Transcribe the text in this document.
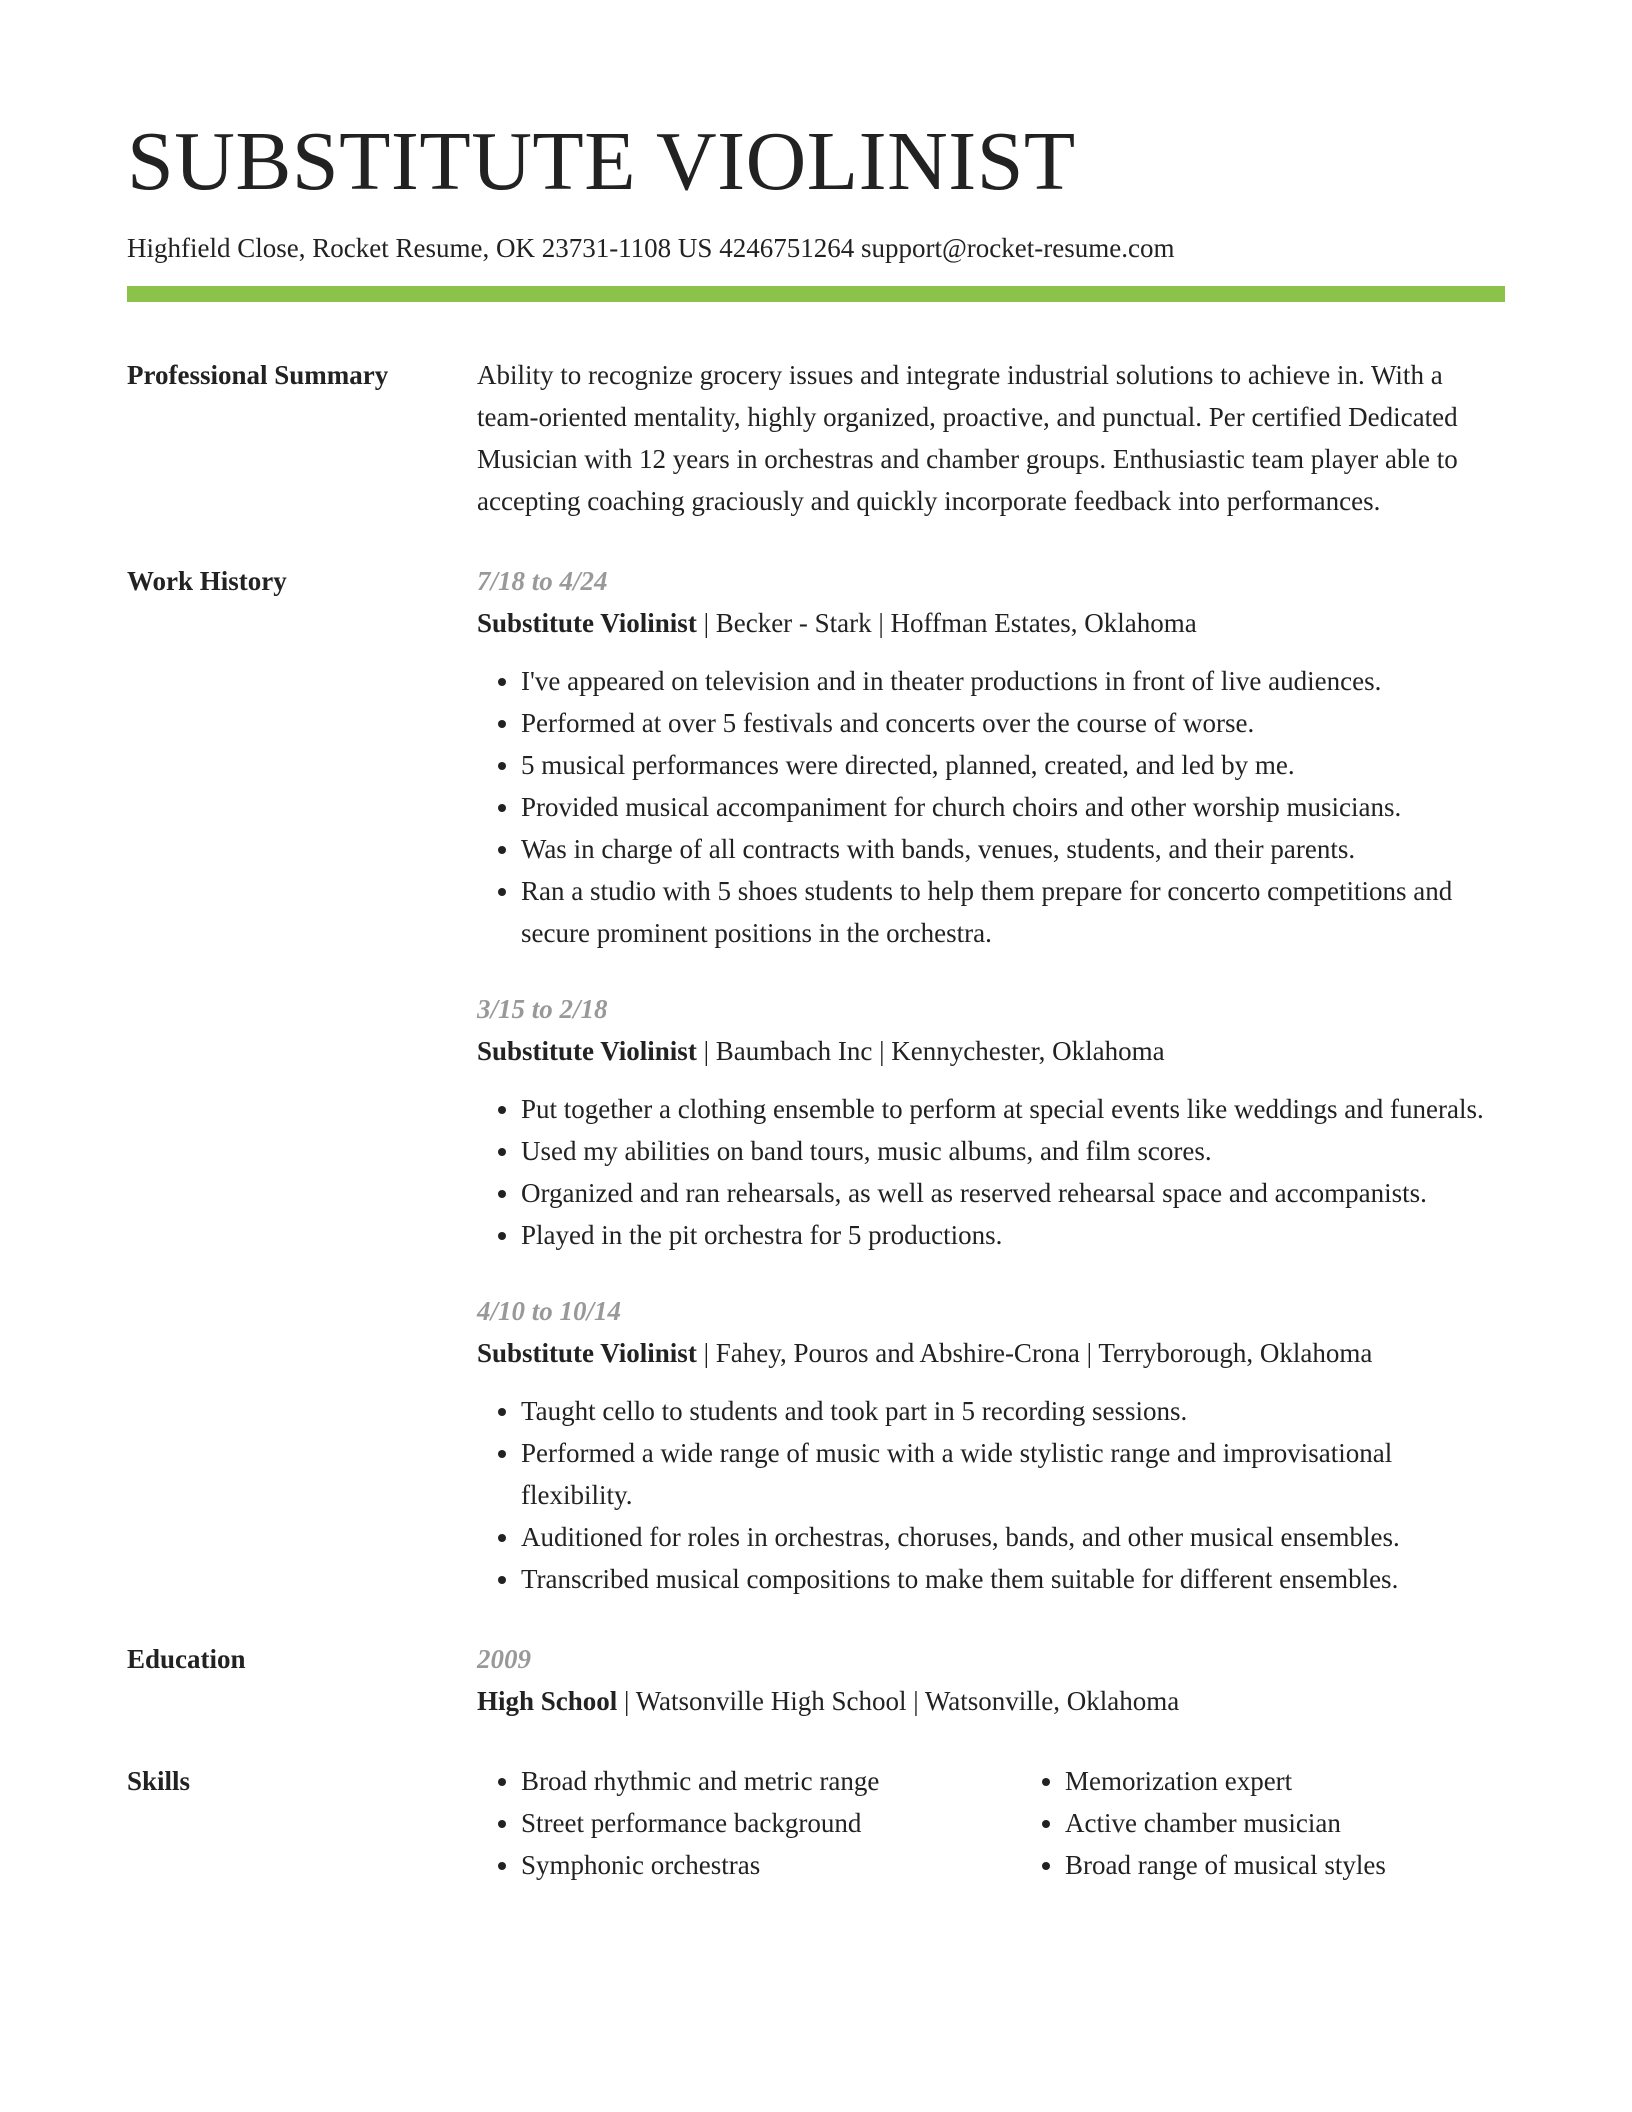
SUBSTITUTE VIOLINIST
Highfield Close, Rocket Resume, OK 23731-1108 US 4246751264 support@rocket-resume.com
Professional Summary	Ability to recognize grocery issues and integrate industrial solutions to achieve in. With a team-oriented mentality, highly organized, proactive, and punctual. Per certified Dedicated Musician with 12 years in orchestras and chamber groups. Enthusiastic team player able to accepting coaching graciously and quickly incorporate feedback into performances.

Work History	7/18 to 4/24
Substitute Violinist | Becker - Stark | Hoffman Estates, Oklahoma
• I've appeared on television and in theater productions in front of live audiences.
• Performed at over 5 festivals and concerts over the course of worse.
• 5 musical performances were directed, planned, created, and led by me.
• Provided musical accompaniment for church choirs and other worship musicians.
• Was in charge of all contracts with bands, venues, students, and their parents.
• Ran a studio with 5 shoes students to help them prepare for concerto competitions and secure prominent positions in the orchestra.
3/15 to 2/18
Substitute Violinist | Baumbach Inc | Kennychester, Oklahoma
• Put together a clothing ensemble to perform at special events like weddings and funerals.
• Used my abilities on band tours, music albums, and film scores.
• Organized and ran rehearsals, as well as reserved rehearsal space and accompanists.
• Played in the pit orchestra for 5 productions.
4/10 to 10/14
Substitute Violinist | Fahey, Pouros and Abshire-Crona | Terryborough, Oklahoma
• Taught cello to students and took part in 5 recording sessions.
• Performed a wide range of music with a wide stylistic range and improvisational flexibility.
• Auditioned for roles in orchestras, choruses, bands, and other musical ensembles.
• Transcribed musical compositions to make them suitable for different ensembles.
Education	2009
High School | Watsonville High School | Watsonville, Oklahoma
Skills
•	Broad rhythmic and metric range
• Street performance background
• Symphonic orchestras
• Memorization expert
• Active chamber musician
• Broad range of musical styles
